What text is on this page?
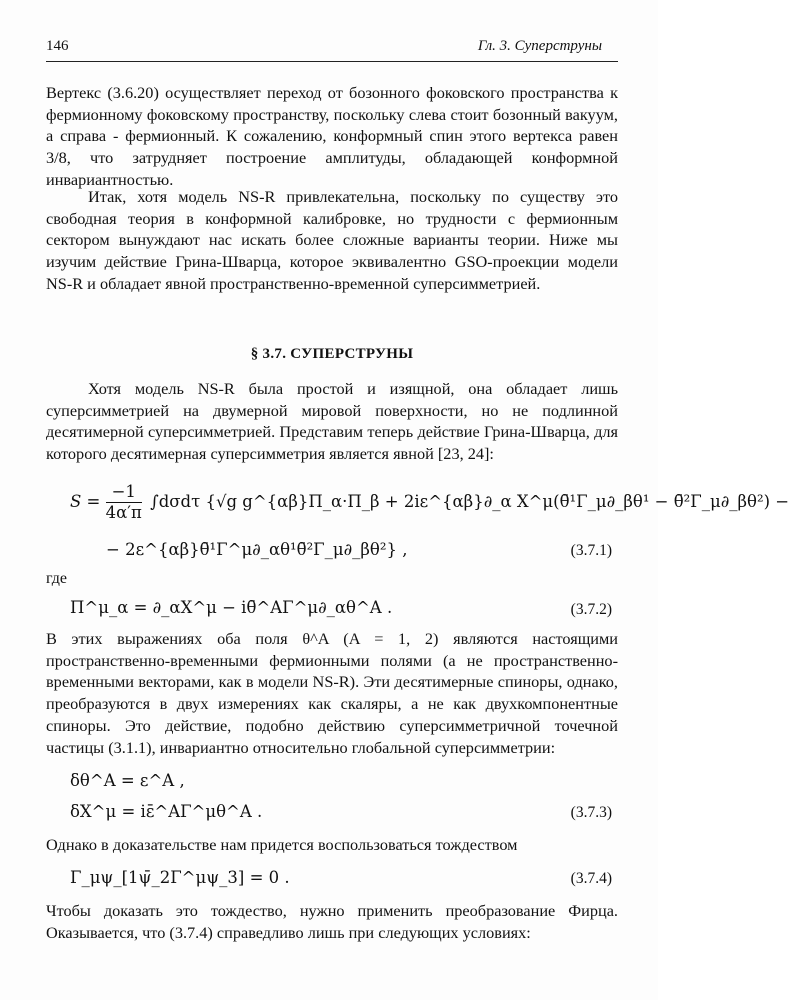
146	Гл. 3. Суперструны

Вертекс (3.6.20) осуществляет переход от бозонного фоковского пространства к фермионному фоковскому пространству, поскольку слева стоит бозонный вакуум, а справа - фермионный. К сожалению, конформный спин этого вертекса равен 3/8, что затрудняет построение амплитуды, обладающей конформной инвариантностью.

Итак, хотя модель NS-R привлекательна, поскольку по существу это свободная теория в конформной калибровке, но трудности с фермионным сектором вынуждают нас искать более сложные варианты теории. Ниже мы изучим действие Грина-Шварца, которое эквивалентно GSO-проекции модели NS-R и обладает явной пространственно-временной суперсимметрией.

§ 3.7. СУПЕРСТРУНЫ

Хотя модель NS-R была простой и изящной, она обладает лишь суперсимметрией на двумерной мировой поверхности, но не подлинной десятимерной суперсимметрией. Представим теперь действие Грина-Шварца, для которого десятимерная суперсимметрия является явной [23, 24]:

$S = \frac{-1}{4\alpha'\pi} \int d\sigma d\tau$ {√g g^{αβ}Π_α·Π_β + 2iε^{αβ}∂_α X^μ(θ̄¹Γ_μ∂_βθ¹ − θ̄²Γ_μ∂_βθ²) −
− 2ε^{αβ}θ̄¹Γ^μ∂_αθ¹θ̄²Γ_μ∂_βθ²} ,	(3.7.1)
где
Π^μ_α = ∂_αX^μ − iθ̄^AΓ^μ∂_αθ^A .	(3.7.2)

В этих выражениях оба поля θ^A (A = 1, 2) являются настоящими пространственно-временными фермионными полями (а не пространственно-временными векторами, как в модели NS-R). Эти десятимерные спиноры, однако, преобразуются в двух измерениях как скаляры, а не как двухкомпонентные спиноры. Это действие, подобно действию суперсимметричной точечной частицы (3.1.1), инвариантно относительно глобальной суперсимметрии:

δθ^A = ε^A ,
δX^μ = iε̄^AΓ^μθ^A .	(3.7.3)

Однако в доказательстве нам придется воспользоваться тождеством

Γ_μψ_[1ψ̄_2Γ^μψ_3] = 0 .	(3.7.4)

Чтобы доказать это тождество, нужно применить преобразование Фирца. Оказывается, что (3.7.4) справедливо лишь при следующих условиях:
